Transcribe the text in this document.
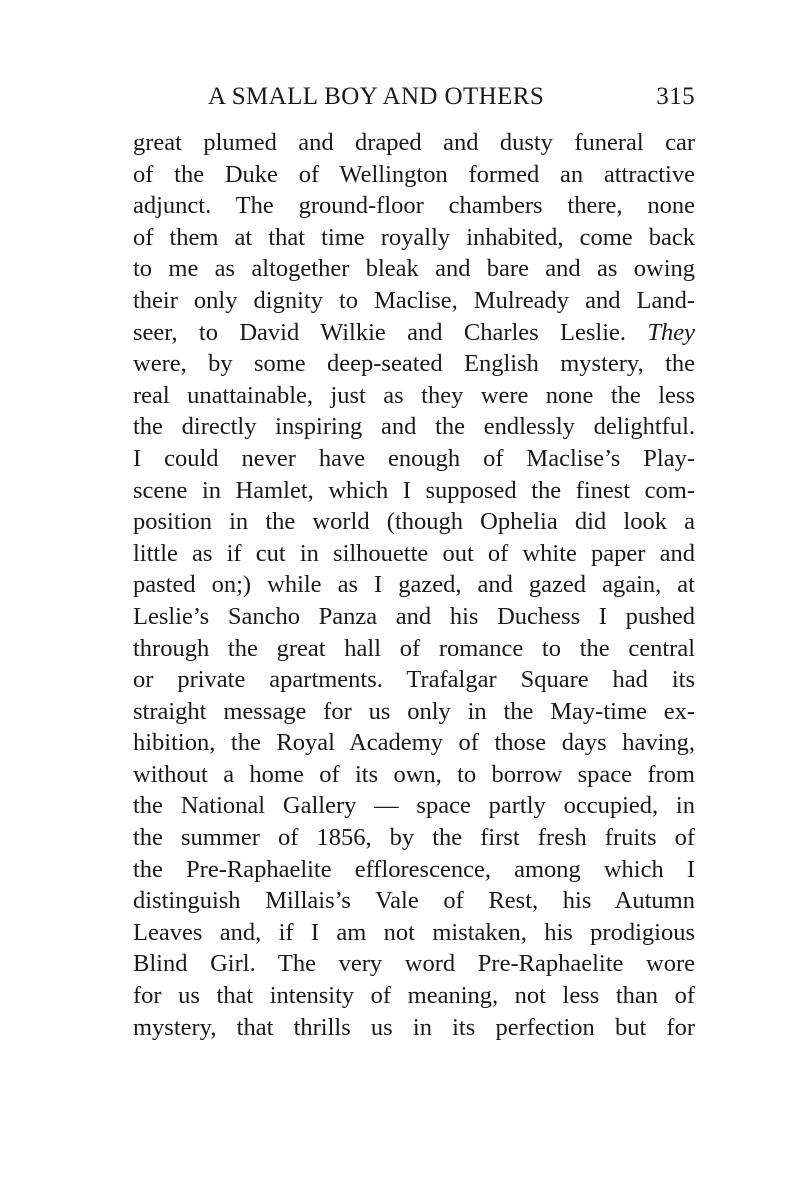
A SMALL BOY AND OTHERS	315
great plumed and draped and dusty funeral car
of the Duke of Wellington formed an attractive
adjunct. The ground-floor chambers there, none
of them at that time royally inhabited, come back
to me as altogether bleak and bare and as owing
their only dignity to Maclise, Mulready and Land-
seer, to David Wilkie and Charles Leslie. They
were, by some deep-seated English mystery, the
real unattainable, just as they were none the less
the directly inspiring and the endlessly delightful.
I could never have enough of Maclise’s Play-
scene in Hamlet, which I supposed the finest com-
position in the world (though Ophelia did look a
little as if cut in silhouette out of white paper and
pasted on;) while as I gazed, and gazed again, at
Leslie’s Sancho Panza and his Duchess I pushed
through the great hall of romance to the central
or private apartments. Trafalgar Square had its
straight message for us only in the May-time ex-
hibition, the Royal Academy of those days having,
without a home of its own, to borrow space from
the National Gallery — space partly occupied, in
the summer of 1856, by the first fresh fruits of
the Pre-Raphaelite efflorescence, among which I
distinguish Millais’s Vale of Rest, his Autumn
Leaves and, if I am not mistaken, his prodigious
Blind Girl. The very word Pre-Raphaelite wore
for us that intensity of meaning, not less than of
mystery, that thrills us in its perfection but for
